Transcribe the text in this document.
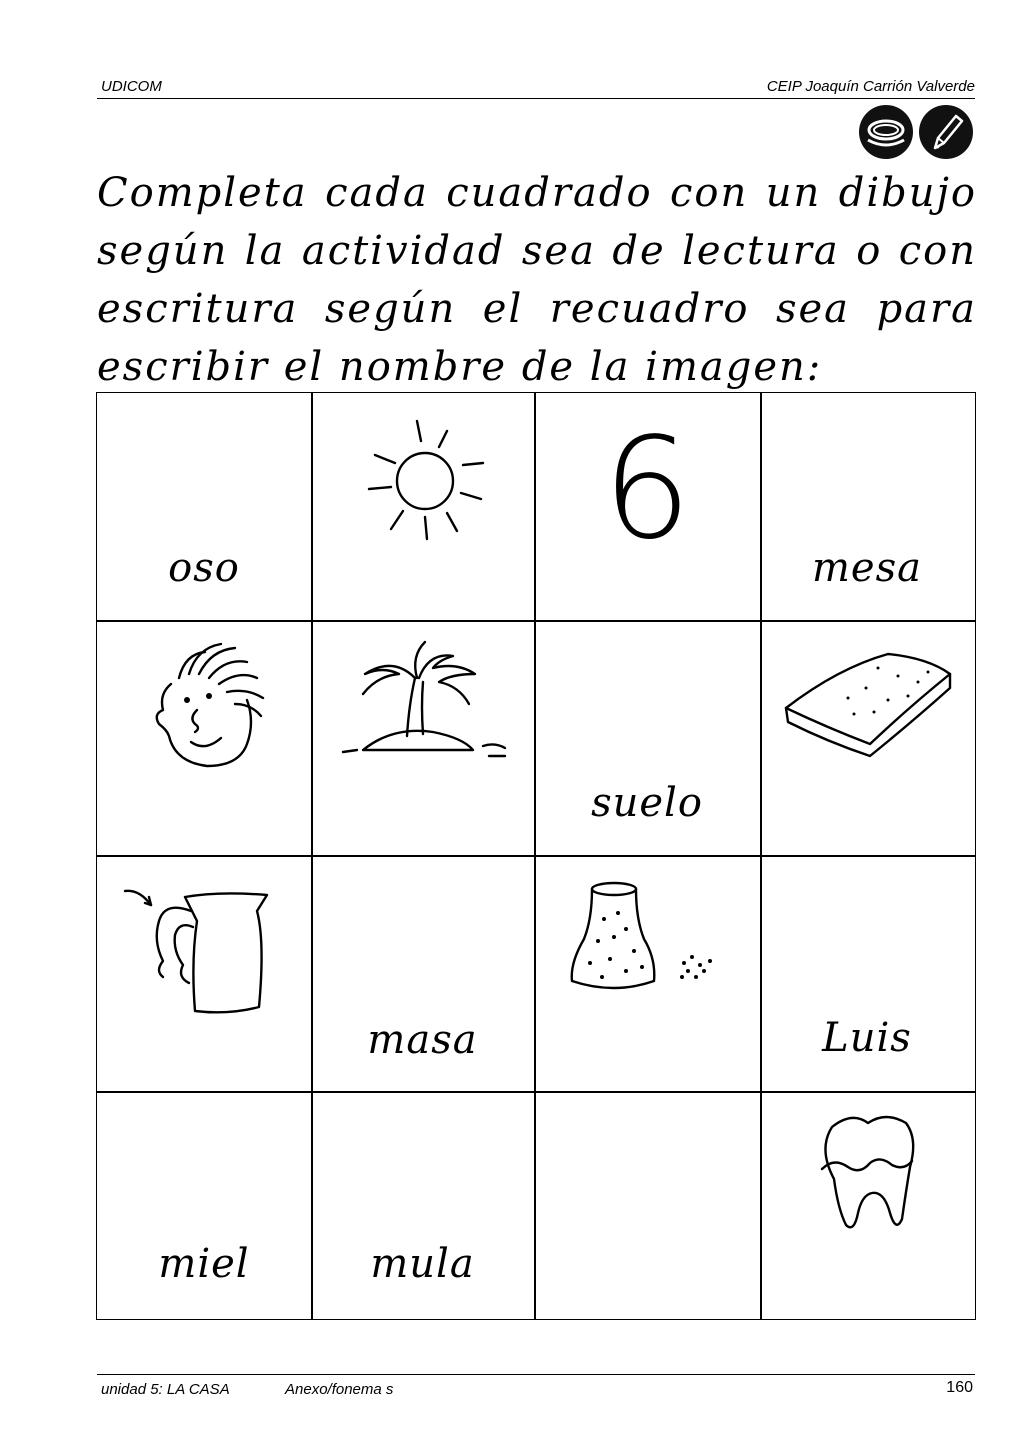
UDICOM	CEIP Joaquín Carrión Valverde
Completa cada cuadrado con un dibujo según la actividad sea de lectura o con escritura según el recuadro sea para escribir el nombre de la imagen:
oso	6	mesa
suelo
masa	Luis
miel	mula
unidad 5: LA CASA	Anexo/fonema s	160
